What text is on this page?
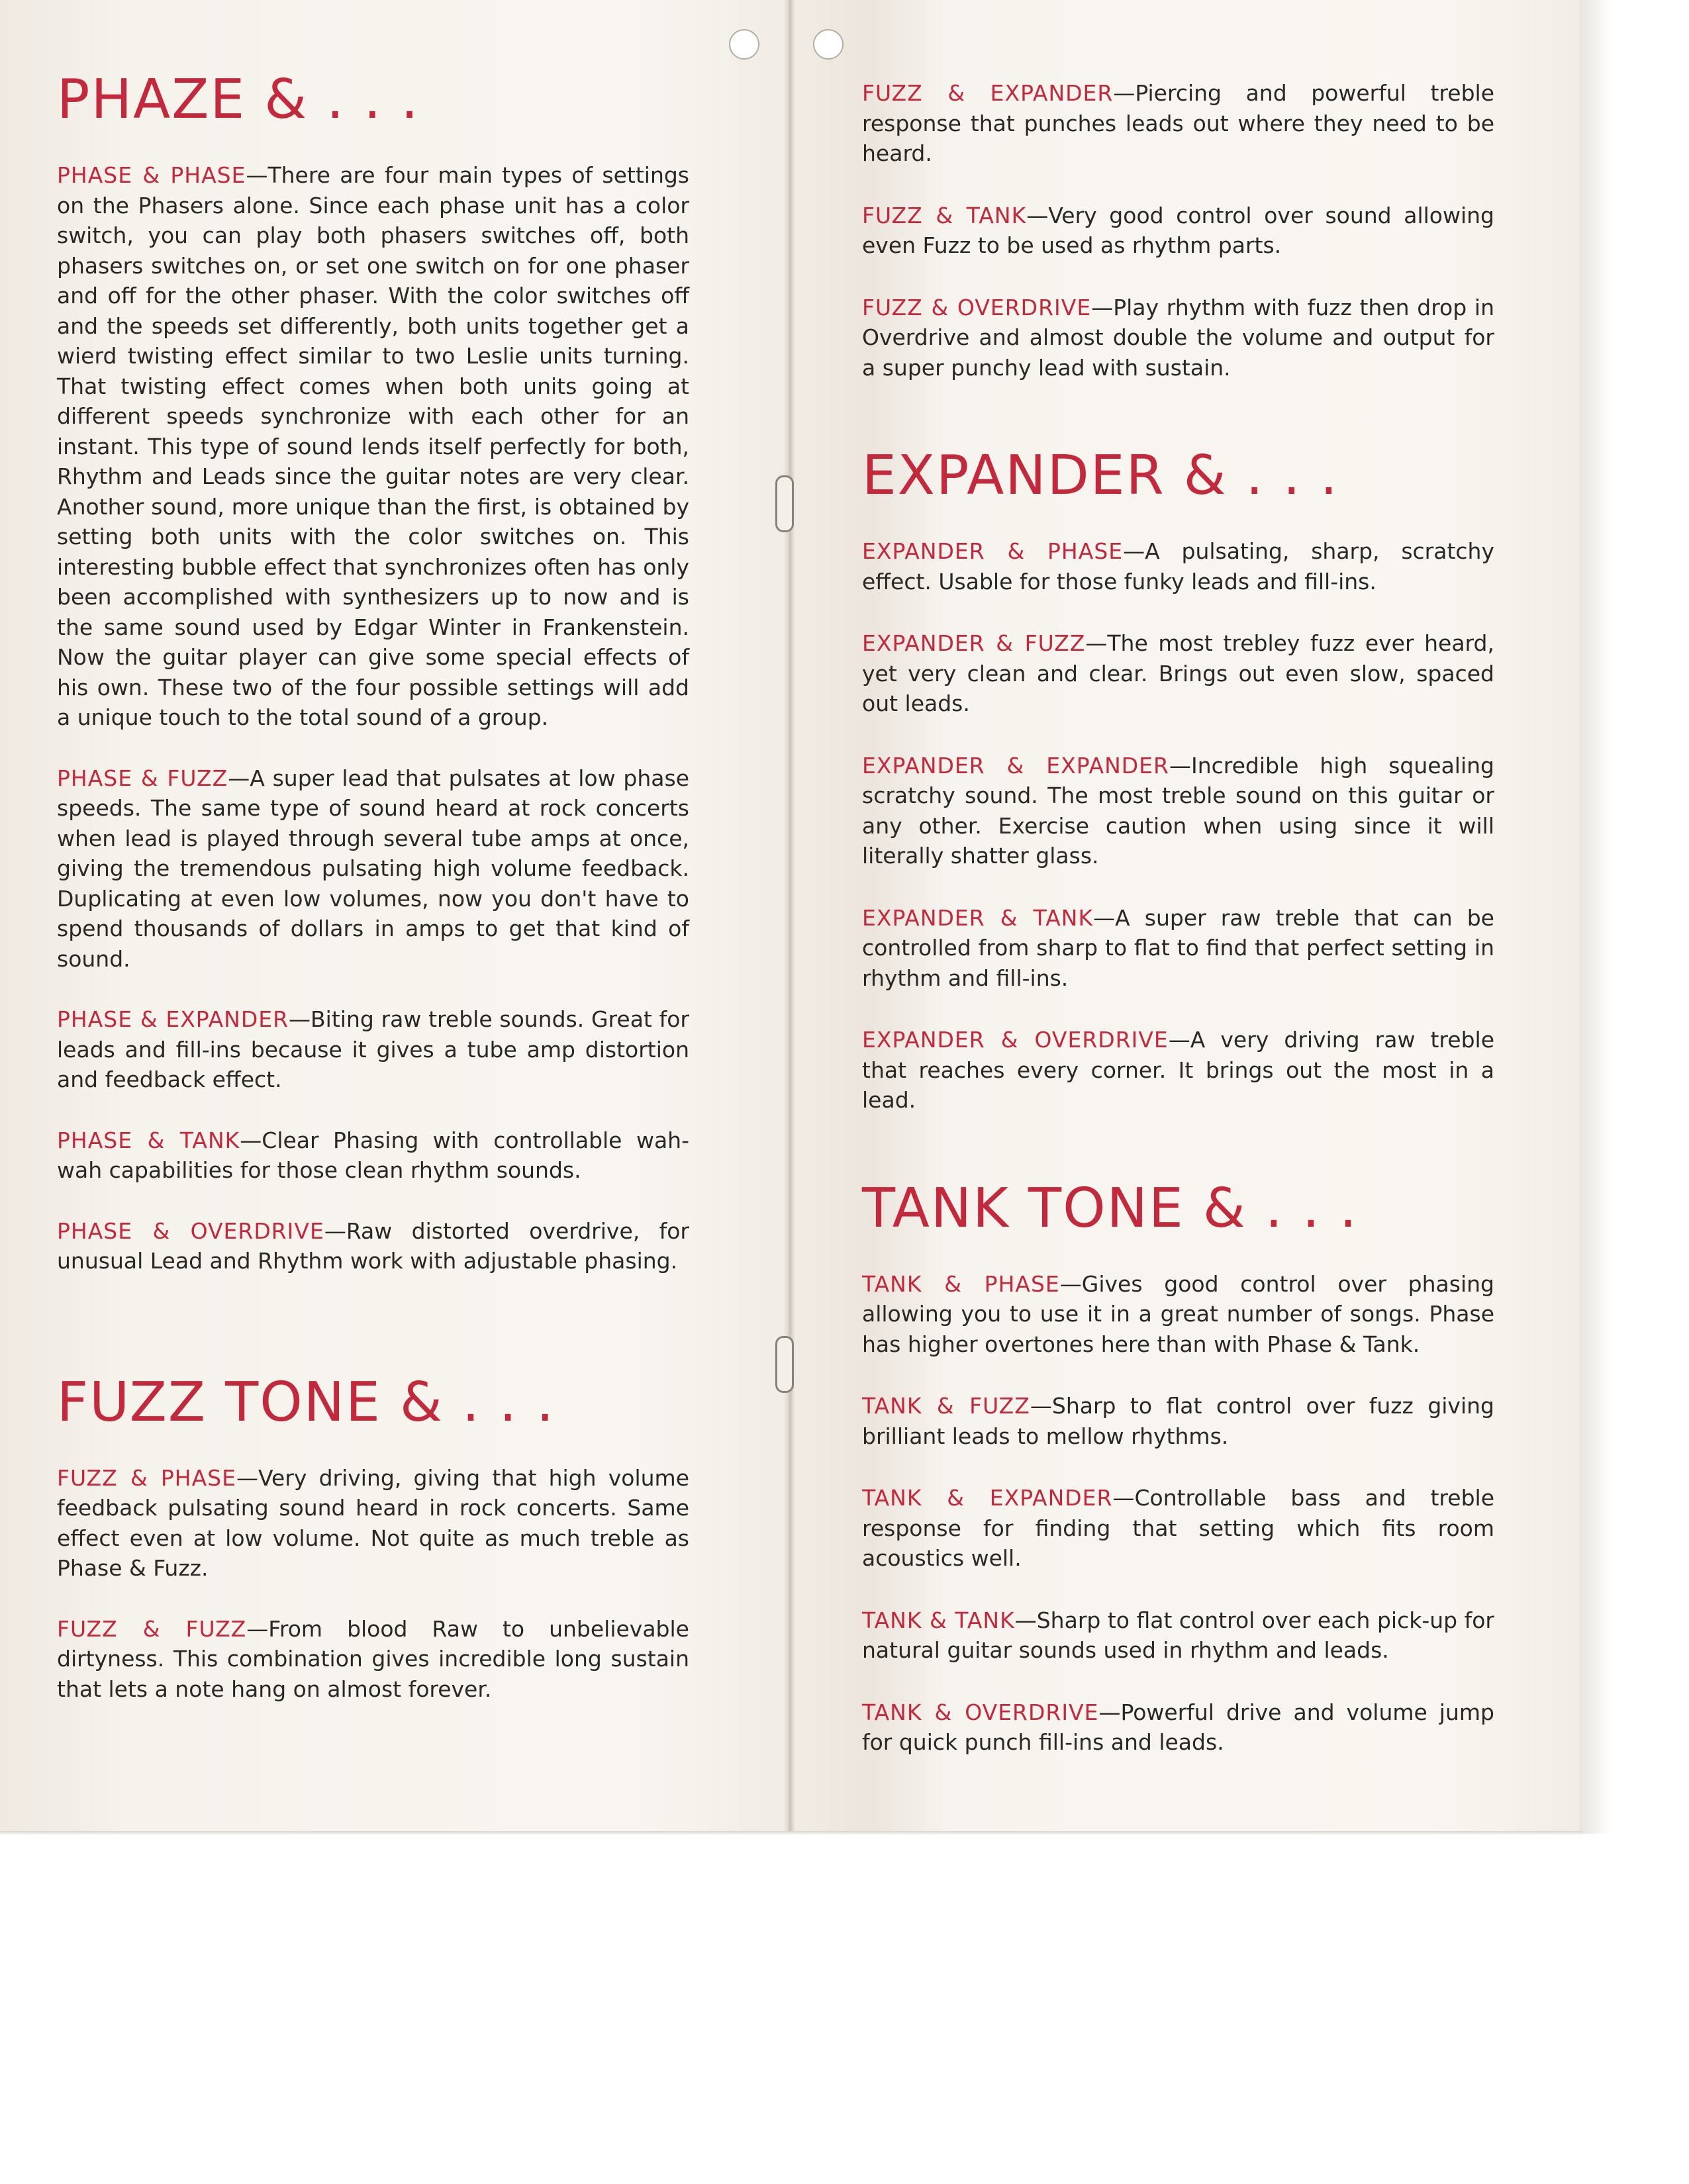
PHAZE & . . .

PHASE & PHASE—There are four main types of settings on the Phasers alone. Since each phase unit has a color switch, you can play both phasers switches off, both phasers switches on, or set one switch on for one phaser and off for the other phaser. With the color switches off and the speeds set differently, both units together get a wierd twisting effect similar to two Leslie units turning. That twisting effect comes when both units going at different speeds synchronize with each other for an instant. This type of sound lends itself perfectly for both, Rhythm and Leads since the guitar notes are very clear. Another sound, more unique than the first, is obtained by setting both units with the color switches on. This interesting bubble effect that synchronizes often has only been accomplished with synthesizers up to now and is the same sound used by Edgar Winter in Frankenstein. Now the guitar player can give some special effects of his own. These two of the four possible settings will add a unique touch to the total sound of a group.

PHASE & FUZZ—A super lead that pulsates at low phase speeds. The same type of sound heard at rock concerts when lead is played through several tube amps at once, giving the tremendous pulsating high volume feedback. Duplicating at even low volumes, now you don't have to spend thousands of dollars in amps to get that kind of sound.

PHASE & EXPANDER—Biting raw treble sounds. Great for leads and fill-ins because it gives a tube amp distortion and feedback effect.

PHASE & TANK—Clear Phasing with controllable wah-wah capabilities for those clean rhythm sounds.

PHASE & OVERDRIVE—Raw distorted overdrive, for unusual Lead and Rhythm work with adjustable phasing.

FUZZ TONE & . . .

FUZZ & PHASE—Very driving, giving that high volume feedback pulsating sound heard in rock concerts. Same effect even at low volume. Not quite as much treble as Phase & Fuzz.

FUZZ & FUZZ—From blood Raw to unbelievable dirtyness. This combination gives incredible long sustain that lets a note hang on almost forever.

FUZZ & EXPANDER—Piercing and powerful treble response that punches leads out where they need to be heard.

FUZZ & TANK—Very good control over sound allowing even Fuzz to be used as rhythm parts.

FUZZ & OVERDRIVE—Play rhythm with fuzz then drop in Overdrive and almost double the volume and output for a super punchy lead with sustain.

EXPANDER & . . .

EXPANDER & PHASE—A pulsating, sharp, scratchy effect. Usable for those funky leads and fill-ins.

EXPANDER & FUZZ—The most trebley fuzz ever heard, yet very clean and clear. Brings out even slow, spaced out leads.

EXPANDER & EXPANDER—Incredible high squealing scratchy sound. The most treble sound on this guitar or any other. Exercise caution when using since it will literally shatter glass.

EXPANDER & TANK—A super raw treble that can be controlled from sharp to flat to find that perfect setting in rhythm and fill-ins.

EXPANDER & OVERDRIVE—A very driving raw treble that reaches every corner. It brings out the most in a lead.

TANK TONE & . . .

TANK & PHASE—Gives good control over phasing allowing you to use it in a great number of songs. Phase has higher overtones here than with Phase & Tank.

TANK & FUZZ—Sharp to flat control over fuzz giving brilliant leads to mellow rhythms.

TANK & EXPANDER—Controllable bass and treble response for finding that setting which fits room acoustics well.

TANK & TANK—Sharp to flat control over each pick-up for natural guitar sounds used in rhythm and leads.

TANK & OVERDRIVE—Powerful drive and volume jump for quick punch fill-ins and leads.
